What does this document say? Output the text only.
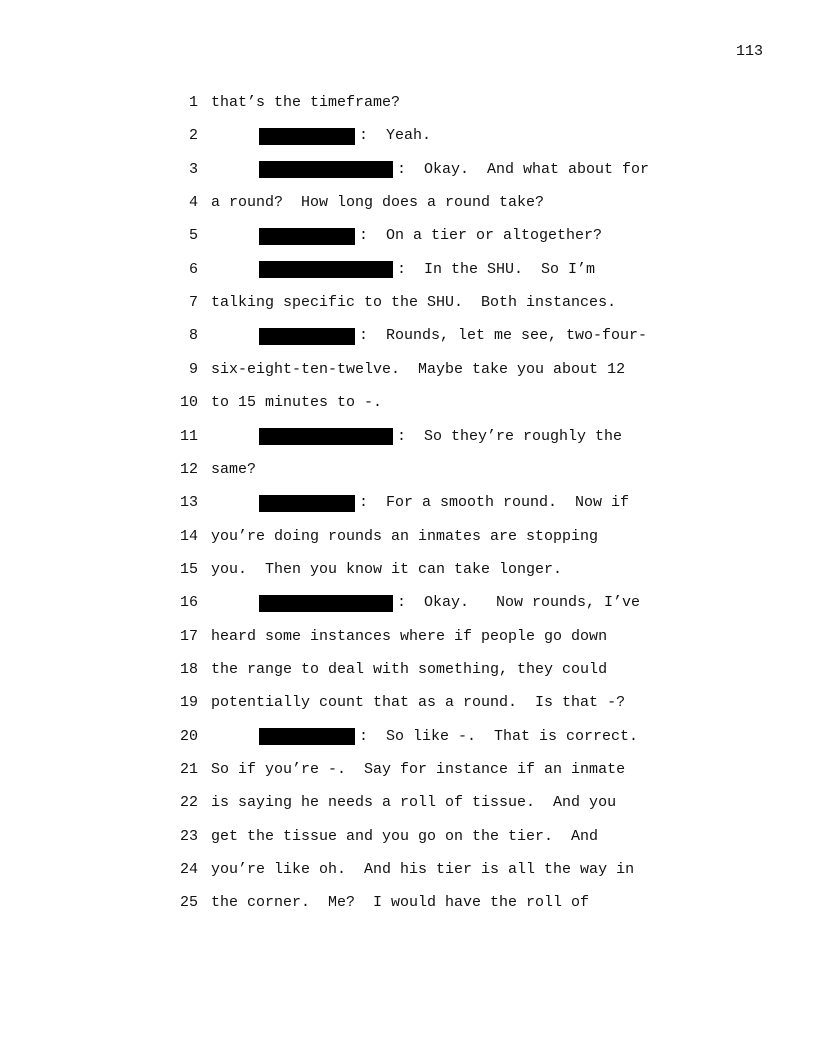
113
1 that’s the timeframe?
2	:  Yeah.
3	:  Okay.  And what about for
4 a round?  How long does a round take?
5	:  On a tier or altogether?
6	:  In the SHU.  So I’m
7 talking specific to the SHU.  Both instances.
8	:  Rounds, let me see, two-four-
9 six-eight-ten-twelve.  Maybe take you about 12
10 to 15 minutes to -.
11	:  So they’re roughly the
12 same?
13	:  For a smooth round.  Now if
14 you’re doing rounds an inmates are stopping
15 you.  Then you know it can take longer.
16	:  Okay.   Now rounds, I’ve
17 heard some instances where if people go down
18 the range to deal with something, they could
19 potentially count that as a round.  Is that -?
20	:  So like -.  That is correct.
21 So if you’re -.  Say for instance if an inmate
22 is saying he needs a roll of tissue.  And you
23 get the tissue and you go on the tier.  And
24 you’re like oh.  And his tier is all the way in
25 the corner.  Me?  I would have the roll of
